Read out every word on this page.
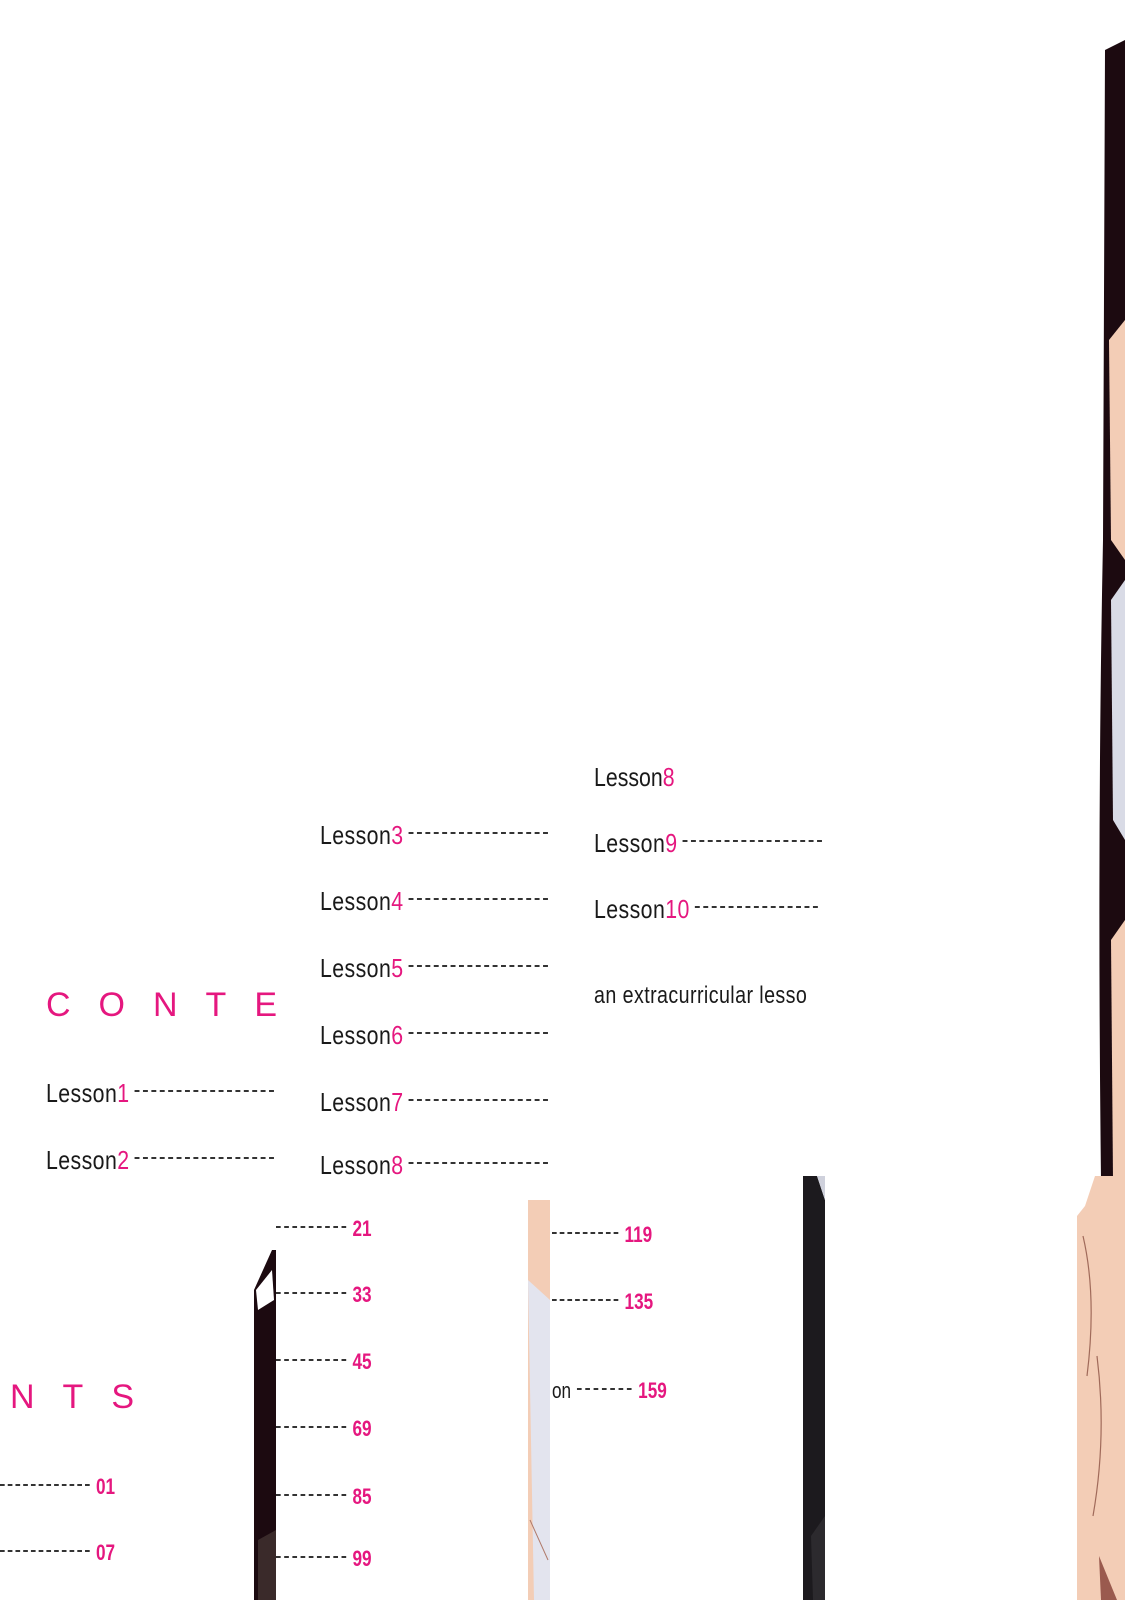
CONTE
Lesson1
Lesson2
Lesson3
Lesson4
Lesson5
Lesson6
Lesson7
Lesson8
Lesson8
Lesson9
Lesson10
an extracurricular lesso
NTS
01
07
21
33
45
69
85
99
119
135
on	159
